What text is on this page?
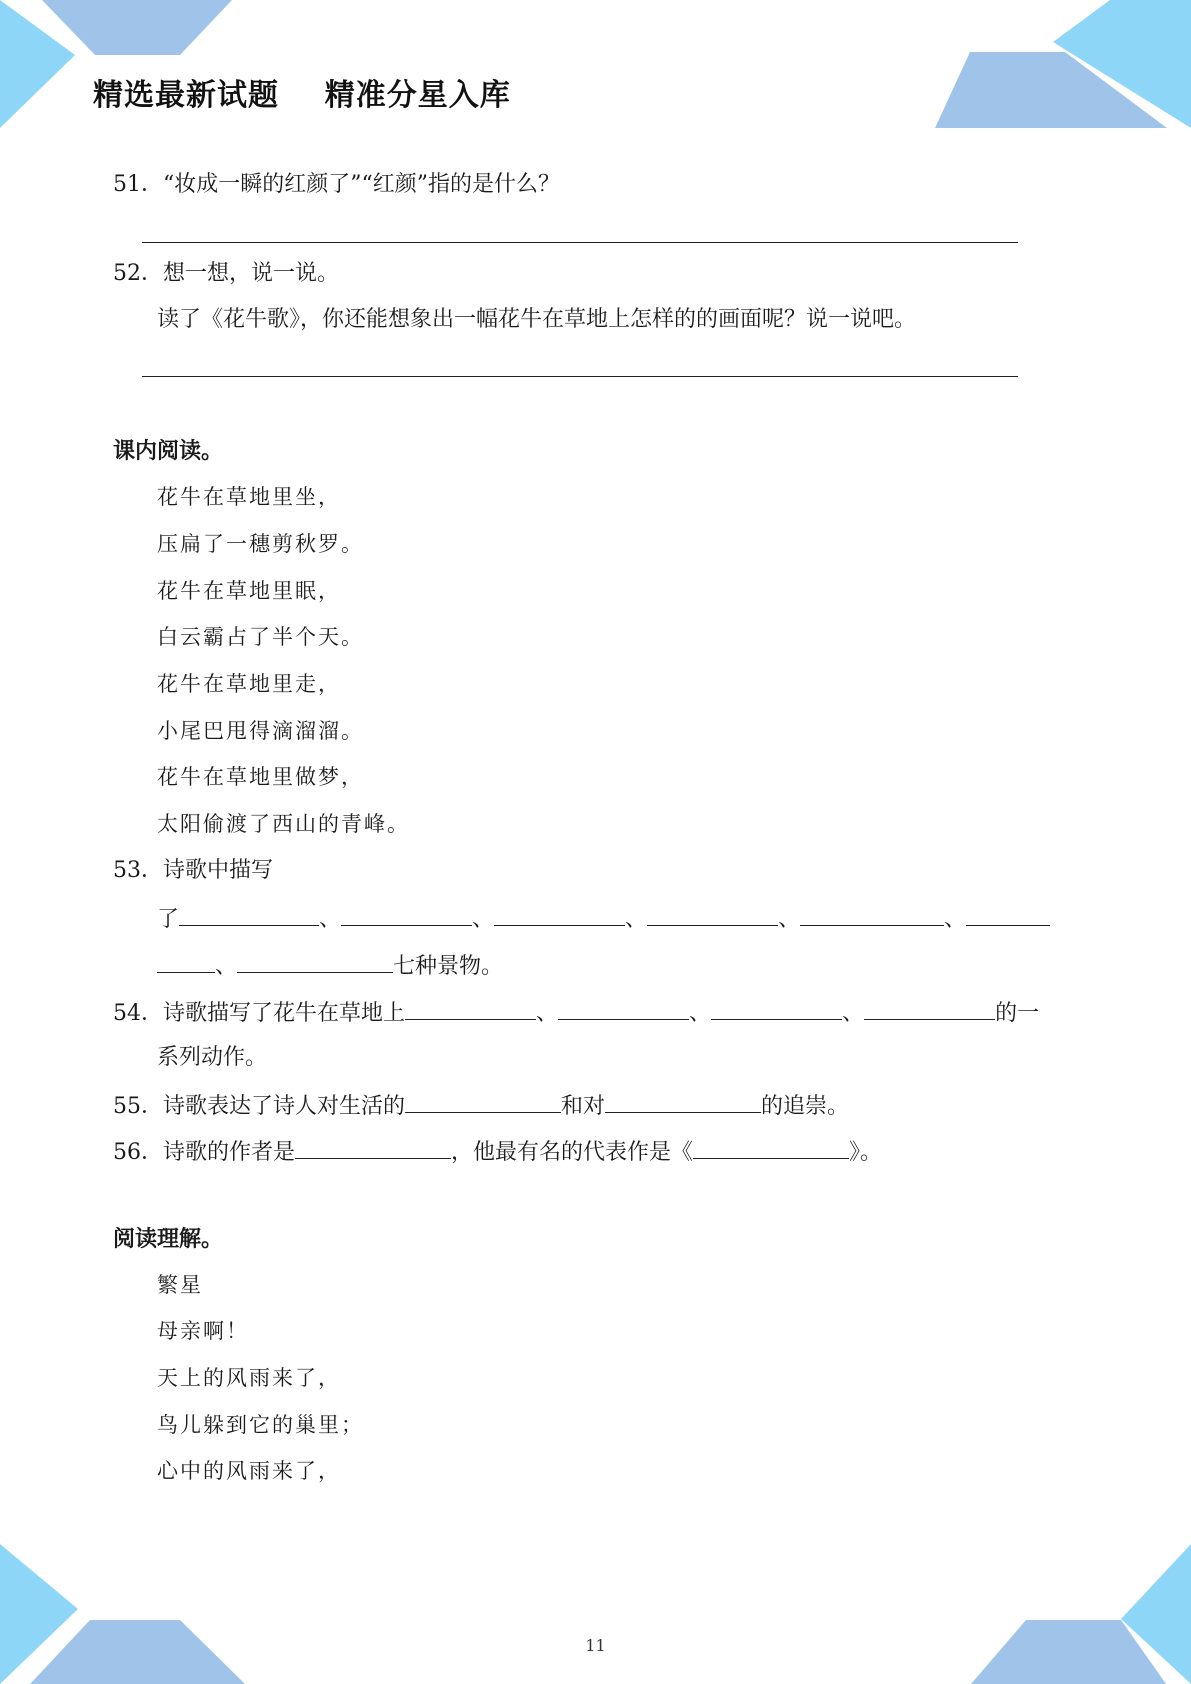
精选最新试题    精准分星入库
51．“妆成一瞬的红颜了”“红颜”指的是什么？
52．想一想，说一说。
读了《花牛歌》，你还能想象出一幅花牛在草地上怎样的的画面呢？说一说吧。
课内阅读。
花牛在草地里坐，
压扁了一穗剪秋罗。
花牛在草地里眠，
白云霸占了半个天。
花牛在草地里走，
小尾巴甩得滴溜溜。
花牛在草地里做梦，
太阳偷渡了西山的青峰。
53．诗歌中描写
了	、	、	、	、	、
、	七种景物。
54．诗歌描写了花牛在草地上	、	、	、	的一
系列动作。
55．诗歌表达了诗人对生活的	和对	的追崇。
56．诗歌的作者是	，他最有名的代表作是《	》。
阅读理解。
繁星
母亲啊！
天上的风雨来了，
鸟儿躲到它的巢里；
心中的风雨来了，
11
